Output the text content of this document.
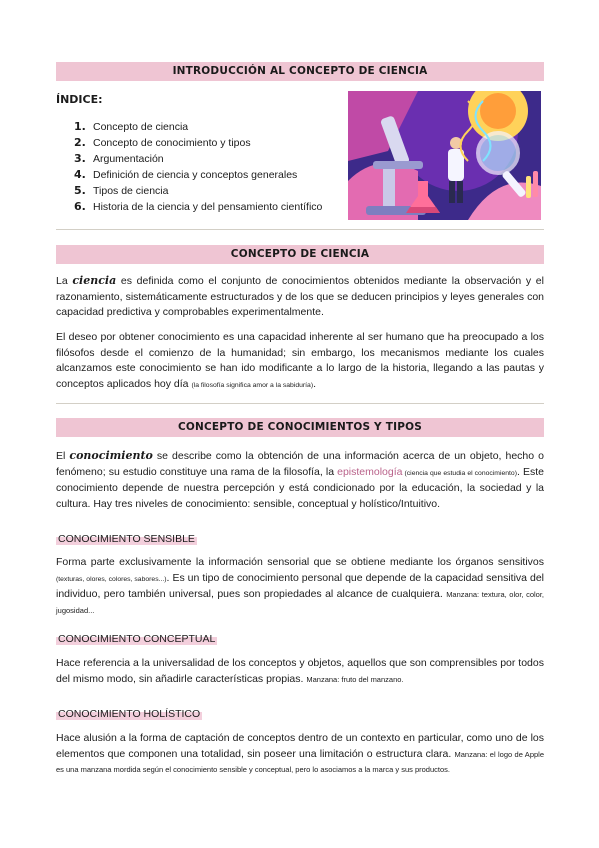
INTRODUCCIÓN AL CONCEPTO DE CIENCIA
ÍNDICE:
1. Concepto de ciencia
2. Concepto de conocimiento y tipos
3. Argumentación
4. Definición de ciencia y conceptos generales
5. Tipos de ciencia
6. Historia de la ciencia y del pensamiento científico
CONCEPTO DE CIENCIA

La ciencia es definida como el conjunto de conocimientos obtenidos mediante la observación y el razonamiento, sistemáticamente estructurados y de los que se deducen principios y leyes generales con capacidad predictiva y comprobables experimentalmente.

El deseo por obtener conocimiento es una capacidad inherente al ser humano que ha preocupado a los filósofos desde el comienzo de la humanidad; sin embargo, los mecanismos mediante los cuales alcanzamos este conocimiento se han ido modificante a lo largo de la historia, llegando a las pautas y conceptos aplicados hoy día (la filosofía significa amor a la sabiduría).

CONCEPTO DE CONOCIMIENTOS Y TIPOS

El conocimiento se describe como la obtención de una información acerca de un objeto, hecho o fenómeno; su estudio constituye una rama de la filosofía, la epistemología (ciencia que estudia el conocimiento). Este conocimiento depende de nuestra percepción y está condicionado por la educación, la sociedad y la cultura. Hay tres niveles de conocimiento: sensible, conceptual y holístico/Intuitivo.

CONOCIMIENTO SENSIBLE

Forma parte exclusivamente la información sensorial que se obtiene mediante los órganos sensitivos (texturas, olores, colores, sabores...). Es un tipo de conocimiento personal que depende de la capacidad sensitiva del individuo, pero también universal, pues son propiedades al alcance de cualquiera. Manzana: textura, olor, color, jugosidad...

CONOCIMIENTO CONCEPTUAL

Hace referencia a la universalidad de los conceptos y objetos, aquellos que son comprensibles por todos del mismo modo, sin añadirle características propias. Manzana: fruto del manzano.

CONOCIMIENTO HOLÍSTICO

Hace alusión a la forma de captación de conceptos dentro de un contexto en particular, como uno de los elementos que componen una totalidad, sin poseer una limitación o estructura clara. Manzana: el logo de Apple es una manzana mordida según el conocimiento sensible y conceptual, pero lo asociamos a la marca y sus productos.
